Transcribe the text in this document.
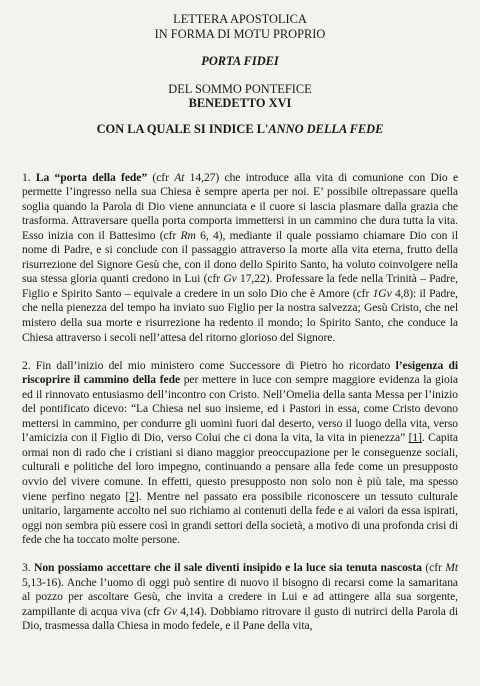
LETTERA APOSTOLICA
IN FORMA DI MOTU PROPRIO
PORTA FIDEI
DEL SOMMO PONTEFICE
BENEDETTO XVI
CON LA QUALE SI INDICE L'ANNO DELLA FEDE

1. La “porta della fede” (cfr At 14,27) che introduce alla vita di comunione con Dio e permette l’ingresso nella sua Chiesa è sempre aperta per noi. E’ possibile oltrepassare quella soglia quando la Parola di Dio viene annunciata e il cuore si lascia plasmare dalla grazia che trasforma. Attraversare quella porta comporta immettersi in un cammino che dura tutta la vita. Esso inizia con il Battesimo (cfr Rm 6, 4), mediante il quale possiamo chiamare Dio con il nome di Padre, e si conclude con il passaggio attraverso la morte alla vita eterna, frutto della risurrezione del Signore Gesù che, con il dono dello Spirito Santo, ha voluto coinvolgere nella sua stessa gloria quanti credono in Lui (cfr Gv 17,22). Professare la fede nella Trinità – Padre, Figlio e Spirito Santo – equivale a credere in un solo Dio che è Amore (cfr 1Gv 4,8): il Padre, che nella pienezza del tempo ha inviato suo Figlio per la nostra salvezza; Gesù Cristo, che nel mistero della sua morte e risurrezione ha redento il mondo; lo Spirito Santo, che conduce la Chiesa attraverso i secoli nell’attesa del ritorno glorioso del Signore.

2. Fin dall’inizio del mio ministero come Successore di Pietro ho ricordato l’esigenza di riscoprire il cammino della fede per mettere in luce con sempre maggiore evidenza la gioia ed il rinnovato entusiasmo dell’incontro con Cristo. Nell’Omelia della santa Messa per l’inizio del pontificato dicevo: “La Chiesa nel suo insieme, ed i Pastori in essa, come Cristo devono mettersi in cammino, per condurre gli uomini fuori dal deserto, verso il luogo della vita, verso l’amicizia con il Figlio di Dio, verso Colui che ci dona la vita, la vita in pienezza” [1]. Capita ormai non di rado che i cristiani si diano maggior preoccupazione per le conseguenze sociali, culturali e politiche del loro impegno, continuando a pensare alla fede come un presupposto ovvio del vivere comune. In effetti, questo presupposto non solo non è più tale, ma spesso viene perfino negato [2]. Mentre nel passato era possibile riconoscere un tessuto culturale unitario, largamente accolto nel suo richiamo ai contenuti della fede e ai valori da essa ispirati, oggi non sembra più essere così in grandi settori della società, a motivo di una profonda crisi di fede che ha toccato molte persone.

3. Non possiamo accettare che il sale diventi insipido e la luce sia tenuta nascosta (cfr Mt 5,13-16). Anche l’uomo di oggi può sentire di nuovo il bisogno di recarsi come la samaritana al pozzo per ascoltare Gesù, che invita a credere in Lui e ad attingere alla sua sorgente, zampillante di acqua viva (cfr Gv 4,14). Dobbiamo ritrovare il gusto di nutrirci della Parola di Dio, trasmessa dalla Chiesa in modo fedele, e il Pane della vita,
